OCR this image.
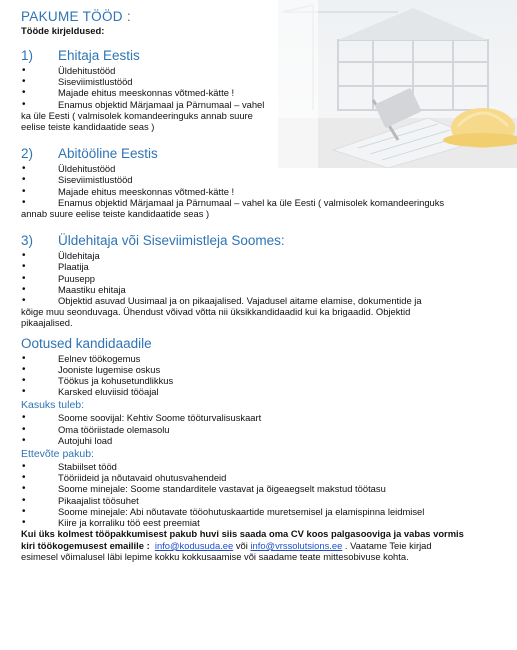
PAKUME TÖÖD :
Tööde kirjeldused:
1)	Ehitaja Eestis
• Üldehitustööd
• Siseviimistlustööd
• Majade ehitus meeskonnas võtmed-kätte !
• Enamus objektid Märjamaal ja Pärnumaal – vahel
ka üle Eesti ( valmisolek komandeeringuks annab suure
eelise teiste kandidaatide seas )
2)	Abitööline Eestis
• Üldehitustööd
• Siseviimistlustööd
• Majade ehitus meeskonnas võtmed-kätte !
• Enamus objektid Märjamaal ja Pärnumaal – vahel ka üle Eesti ( valmisolek komandeeringuks
annab suure eelise teiste kandidaatide seas )
3)	Üldehitaja või Siseviimistleja Soomes:
• Üldehitaja
• Plaatija
• Puusepp
• Maastiku ehitaja
• Objektid asuvad Uusimaal ja on pikaajalised. Vajadusel aitame elamise, dokumentide ja
kõige muu seonduvaga. Ühendust võivad võtta nii üksikkandidaadid kui ka brigaadid. Objektid
pikaajalised.
Ootused kandidaadile
• Eelnev töökogemus
• Jooniste lugemise oskus
• Töökus ja kohusetundlikkus
• Karsked eluviisid tööajal
Kasuks tuleb:
• Soome soovijal: Kehtiv Soome tööturvalisuskaart
• Oma tööriistade olemasolu
• Autojuhi load
Ettevõte pakub:
• Stabiilset tööd
• Tööriideid ja nõutavaid ohutusvahendeid
• Soome minejale: Soome standarditele vastavat ja õigeaegselt makstud töötasu
• Pikaajalist töösuhet
• Soome minejale: Abi nõutavate tööohutuskaartide muretsemisel ja elamispinna leidmisel
• Kiire ja korraliku töö eest preemiat
Kui üks kolmest tööpakkumisest pakub huvi siis saada oma CV koos palgasooviga ja vabas vormis
kiri töökogemusest emailile : info@kodusuda.ee või info@vrssolutsions.ee . Vaatame Teie kirjad
esimesel võimalusel läbi lepime kokku kokkusaamise või saadame teate mittesobivuse kohta.
